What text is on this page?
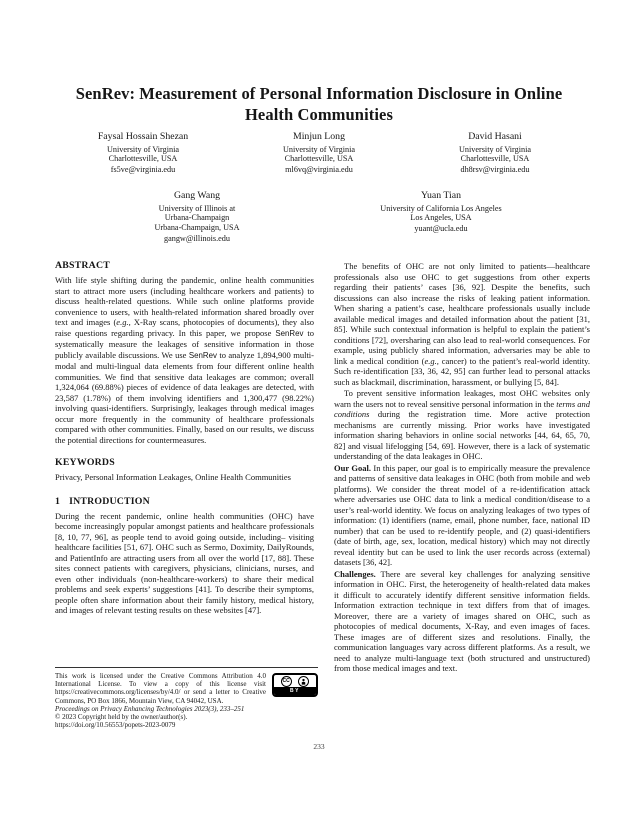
SenRev: Measurement of Personal Information Disclosure in Online Health Communities
Faysal Hossain Shezan
University of Virginia
Charlottesville, USA
fs5ve@virginia.edu
Minjun Long
University of Virginia
Charlottesville, USA
ml6vq@virginia.edu
David Hasani
University of Virginia
Charlottesville, USA
dh8rsv@virginia.edu
Gang Wang
University of Illinois at
Urbana-Champaign
Urbana-Champaign, USA
gangw@illinois.edu
Yuan Tian
University of California Los Angeles
Los Angeles, USA
yuant@ucla.edu
ABSTRACT

With life style shifting during the pandemic, online health communities start to attract more users (including healthcare workers and patients) to discuss health-related questions. While such online platforms provide convenience to users, with health-related information shared broadly over text and images (e.g., X-Ray scans, photocopies of documents), they also raise questions regarding privacy. In this paper, we propose SenRev to systematically measure the leakages of sensitive information in those publicly available discussions. We use SenRev to analyze 1,894,900 multi-modal and multi-lingual data elements from four different online health communities. We find that sensitive data leakages are common; overall 1,324,064 (69.88%) pieces of evidence of data leakages are detected, with 23,587 (1.78%) of them involving identifiers and 1,300,477 (98.22%) involving quasi-identifiers. Surprisingly, leakages through medical images occur more frequently in the community of healthcare professionals compared with other communities. Finally, based on our results, we discuss the potential directions for countermeasures.

KEYWORDS

Privacy, Personal Information Leakages, Online Health Communities

1 INTRODUCTION

During the recent pandemic, online health communities (OHC) have become increasingly popular amongst patients and healthcare professionals [8, 10, 77, 96], as people tend to avoid going outside, including– visiting healthcare facilities [51, 67]. OHC such as Sermo, Doximity, DailyRounds, and PatientInfo are attracting users from all over the world [17, 88]. These sites connect patients with caregivers, physicians, clinicians, nurses, and even other individuals (non-healthcare-workers) to share their medical problems and seek experts’ suggestions [41]. To describe their symptoms, people often share information about their family history, medical history, and images of relevant testing results on these websites [47].

The benefits of OHC are not only limited to patients—healthcare professionals also use OHC to get suggestions from other experts regarding their patients’ cases [36, 92]. Despite the benefits, such discussions can also increase the risks of leaking patient information. When sharing a patient’s case, healthcare professionals usually include available medical images and detailed information about the patient [31, 85]. While such contextual information is helpful to explain the patient’s conditions [72], oversharing can also lead to real-world consequences. For example, using publicly shared information, adversaries may be able to link a medical condition (e.g., cancer) to the patient’s real-world identity. Such re-identification [33, 36, 42, 95] can further lead to personal attacks such as blackmail, discrimination, harassment, or bullying [5, 84].

To prevent sensitive information leakages, most OHC websites only warn the users not to reveal sensitive personal information in the terms and conditions during the registration time. More active protection mechanisms are currently missing. Prior works have investigated information sharing behaviors in online social networks [44, 64, 65, 70, 82] and visual lifelogging [54, 69]. However, there is a lack of systematic understanding of the data leakages in OHC.

Our Goal. In this paper, our goal is to empirically measure the prevalence and patterns of sensitive data leakages in OHC (both from mobile and web platforms). We consider the threat model of a re-identification attack where adversaries use OHC data to link a medical condition/disease to a user’s real-world identity. We focus on analyzing leakages of two types of information: (1) identifiers (name, email, phone number, face, national ID number) that can be used to re-identify people, and (2) quasi-identifiers (date of birth, age, sex, location, medical history) which may not directly reveal identity but can be used to link the user records across (external) datasets [36, 42].

Challenges. There are several key challenges for analyzing sensitive information in OHC. First, the heterogeneity of health-related data makes it difficult to accurately identify different sensitive information fields. Information extraction technique in text differs from that of images. Moreover, there are a variety of images shared on OHC, such as photocopies of medical documents, X-Ray, and even images of faces. These images are of different sizes and resolutions. Finally, the communication languages vary across different platforms. As a result, we need to analyze multi-language text (both structured and unstructured) from those medical images and text.

CC
BY

This work is licensed under the Creative Commons Attribution 4.0 International License. To view a copy of this license visit https://creativecommons.org/licenses/by/4.0/ or send a letter to Creative Commons, PO Box 1866, Mountain View, CA 94042, USA.

Proceedings on Privacy Enhancing Technologies 2023(3), 233–251

© 2023 Copyright held by the owner/author(s).

https://doi.org/10.56553/popets-2023-0079

233
